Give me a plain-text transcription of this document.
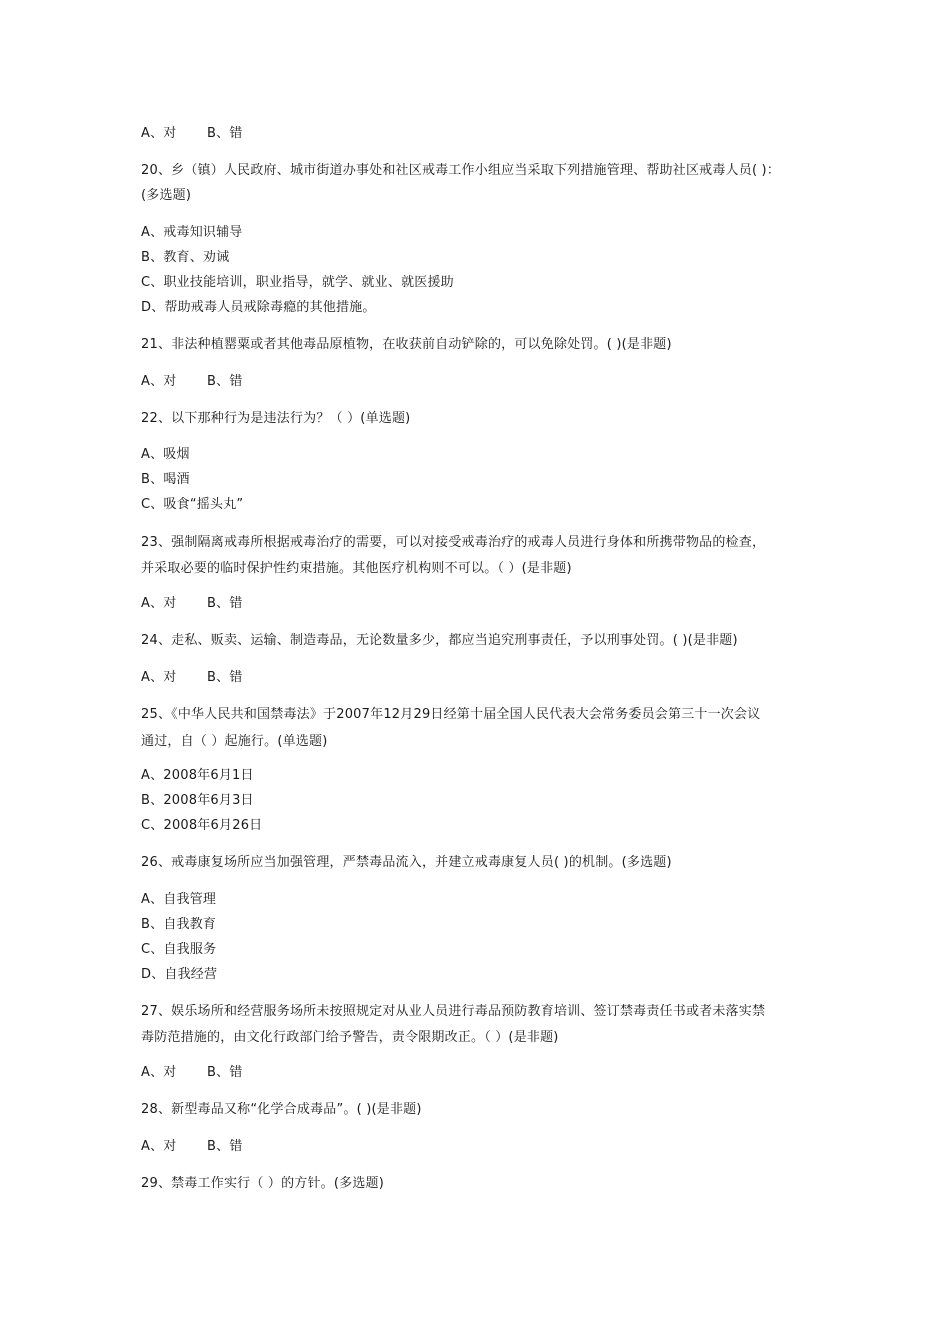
A、对 B、错
20、乡（镇）人民政府、城市街道办事处和社区戒毒工作小组应当采取下列措施管理、帮助社区戒毒人员( )：
(多选题)
A、戒毒知识辅导
B、教育、劝诫
C、职业技能培训，职业指导，就学、就业、就医援助
D、帮助戒毒人员戒除毒瘾的其他措施。
21、非法种植罂粟或者其他毒品原植物，在收获前自动铲除的，可以免除处罚。( )(是非题)
A、对 B、错
22、以下那种行为是违法行为？（ ）(单选题)
A、吸烟
B、喝酒
C、吸食“摇头丸”
23、强制隔离戒毒所根据戒毒治疗的需要，可以对接受戒毒治疗的戒毒人员进行身体和所携带物品的检查，
并采取必要的临时保护性约束措施。其他医疗机构则不可以。（ ）(是非题)
A、对 B、错
24、走私、贩卖、运输、制造毒品，无论数量多少，都应当追究刑事责任，予以刑事处罚。( )(是非题)
A、对 B、错
25、《中华人民共和国禁毒法》于2007年12月29日经第十届全国人民代表大会常务委员会第三十一次会议
通过，自（ ）起施行。(单选题)
A、2008年6月1日
B、2008年6月3日
C、2008年6月26日
26、戒毒康复场所应当加强管理，严禁毒品流入，并建立戒毒康复人员( )的机制。(多选题)
A、自我管理
B、自我教育
C、自我服务
D、自我经营
27、娱乐场所和经营服务场所未按照规定对从业人员进行毒品预防教育培训、签订禁毒责任书或者未落实禁
毒防范措施的，由文化行政部门给予警告，责令限期改正。（ ）(是非题)
A、对 B、错
28、新型毒品又称“化学合成毒品”。( )(是非题)
A、对 B、错
29、禁毒工作实行（ ）的方针。(多选题)
